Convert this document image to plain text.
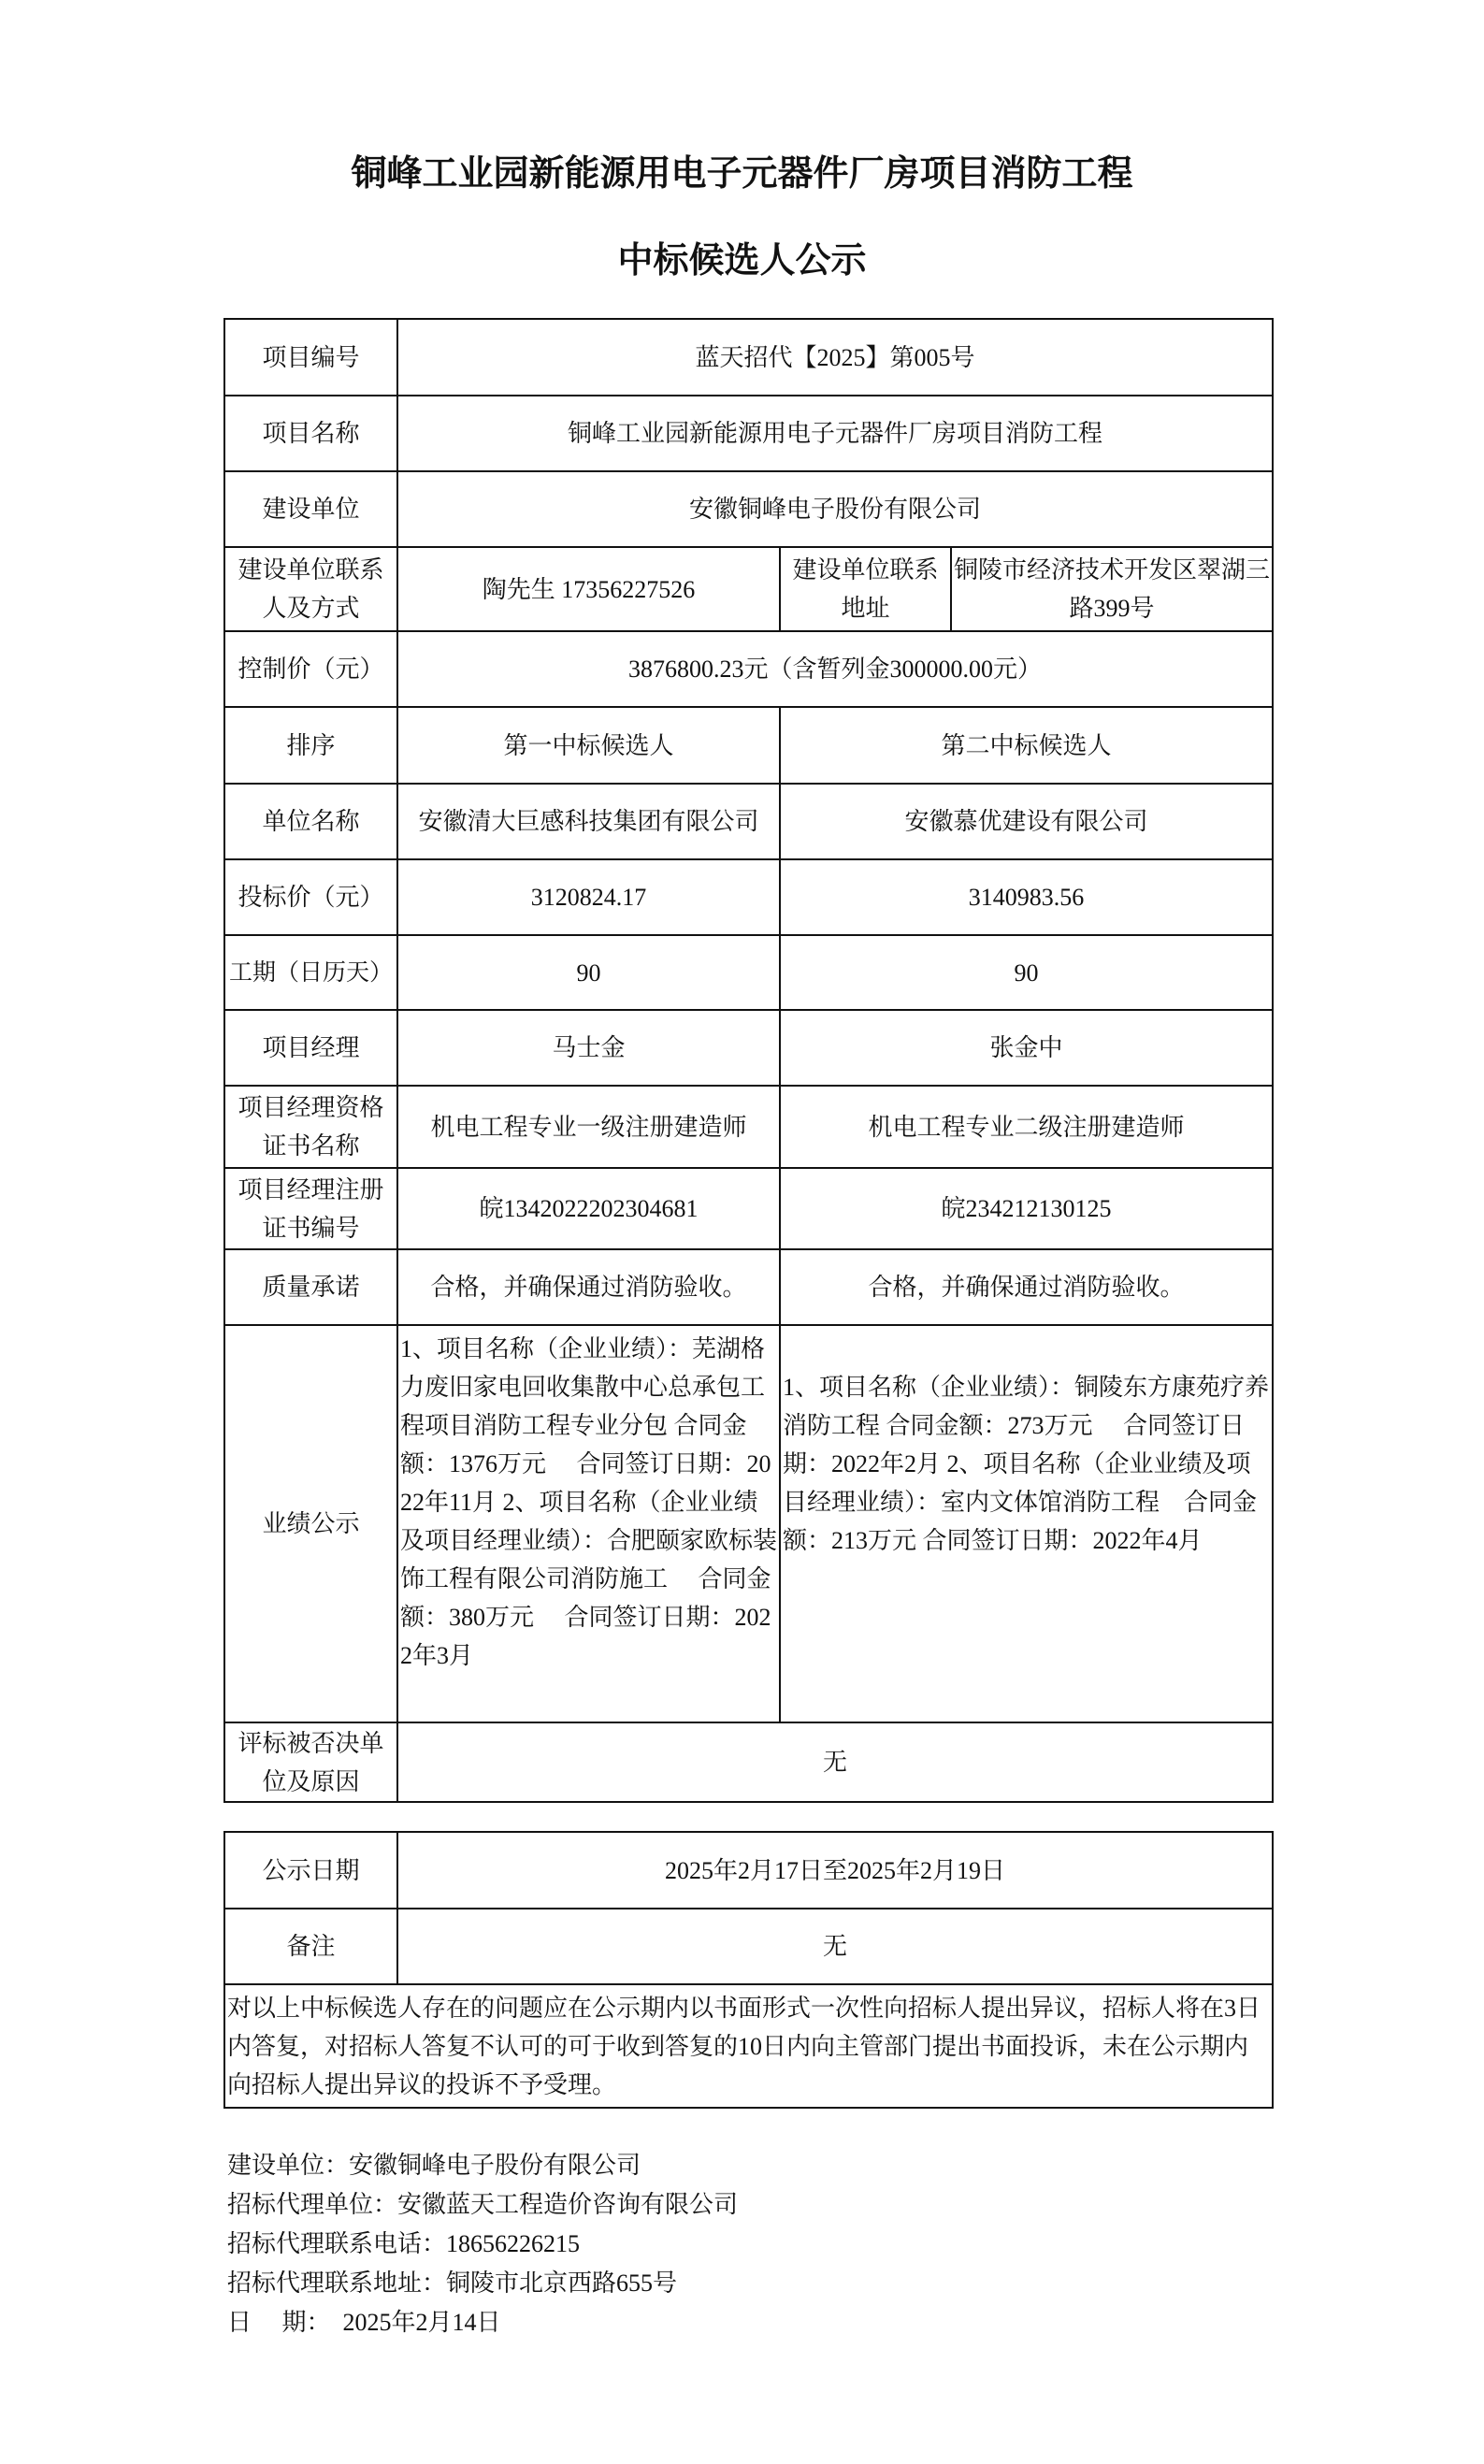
铜峰工业园新能源用电子元器件厂房项目消防工程
中标候选人公示
项目编号	蓝天招代【2025】第005号		
项目名称	铜峰工业园新能源用电子元器件厂房项目消防工程		
建设单位	安徽铜峰电子股份有限公司		
建设单位联系人及方式	陶先生 17356227526	建设单位联系地址	铜陵市经济技术开发区翠湖三路399号
控制价（元）	3876800.23元（含暂列金300000.00元）		
排序	第一中标候选人	第二中标候选人	
单位名称	安徽清大巨感科技集团有限公司	安徽慕优建设有限公司	
投标价（元）	3120824.17	3140983.56	
工期（日历天）	90	90	
项目经理	马士金	张金中	
项目经理资格证书名称	机电工程专业一级注册建造师	机电工程专业二级注册建造师	
项目经理注册证书编号	皖1342022202304681	皖234212130125	
质量承诺	合格，并确保通过消防验收。	合格，并确保通过消防验收。	
业绩公示	1、项目名称（企业业绩）：芜湖格力废旧家电回收集散中心总承包工程项目消防工程专业分包 合同金额：1376万元　 合同签订日期：2022年11月 2、项目名称（企业业绩及项目经理业绩）：合肥颐家欧标装饰工程有限公司消防施工　 合同金额：380万元　 合同签订日期：2022年3月	1、项目名称（企业业绩）：铜陵东方康苑疗养消防工程 合同金额：273万元　 合同签订日期：2022年2月 2、项目名称（企业业绩及项目经理业绩）：室内文体馆消防工程　合同金额：213万元 合同签订日期：2022年4月	
评标被否决单位及原因	无		
公示日期	2025年2月17日至2025年2月19日
备注	无
对以上中标候选人存在的问题应在公示期内以书面形式一次性向招标人提出异议，招标人将在3日内答复，对招标人答复不认可的可于收到答复的10日内向主管部门提出书面投诉，未在公示期内向招标人提出异议的投诉不予受理。	
建设单位：安徽铜峰电子股份有限公司
招标代理单位：安徽蓝天工程造价咨询有限公司
招标代理联系电话：18656226215
招标代理联系地址：铜陵市北京西路655号
日　 期：　2025年2月14日
